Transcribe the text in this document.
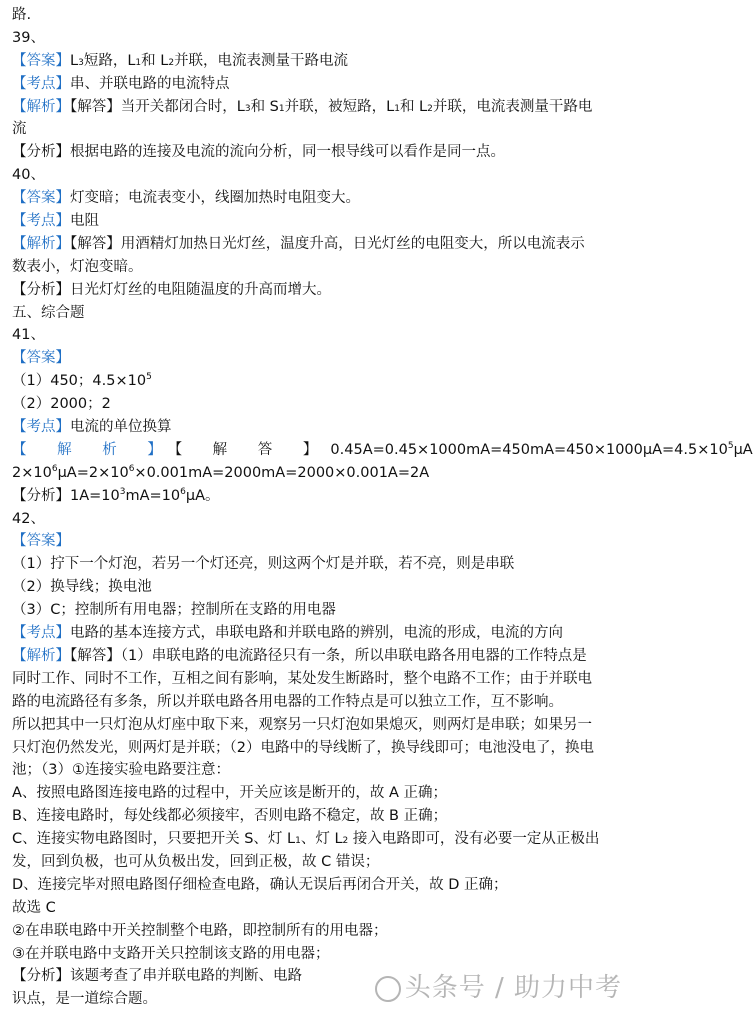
路.
39、
【答案】$L_3$短路，$L_1$和 $L_2$并联，电流表测量干路电流
【考点】串、并联电路的电流特点
【解析】【解答】当开关都闭合时，$L_3$和 $S_1$并联，被短路，$L_1$和 $L_2$并联，电流表测量干路电
流
【分析】根据电路的连接及电流的流向分析，同一根导线可以看作是同一点。
40、
【答案】灯变暗；电流表变小，线圈加热时电阻变大。
【考点】电阻
【解析】【解答】用酒精灯加热日光灯丝，温度升高，日光灯丝的电阻变大，所以电流表示
数表小，灯泡变暗。
【分析】日光灯灯丝的电阻随温度的升高而增大。
五、综合题
41、
【答案】
（1）450；$4.5\times 10^5$
（2）2000；2
【考点】电流的单位换算
【 解 析 】【 解 答 】$0.45A=0.45\times 1000mA=450mA=450\times 1000\mu A=4.5\times 10^5\mu A$
$2\times 10^6\mu A=2\times 10^6\times 0.001mA=2000mA=2000\times 0.001A=2A$
【分析】$1A=10^3mA=10^6\mu A$。
42、
【答案】
（1）拧下一个灯泡，若另一个灯还亮，则这两个灯是并联，若不亮，则是串联
（2）换导线；换电池
（3）C；控制所有用电器；控制所在支路的用电器
【考点】电路的基本连接方式，串联电路和并联电路的辨别，电流的形成，电流的方向
【解析】【解答】（1）串联电路的电流路径只有一条，所以串联电路各用电器的工作特点是
同时工作、同时不工作，互相之间有影响，某处发生断路时，整个电路不工作；由于并联电
路的电流路径有多条，所以并联电路各用电器的工作特点是可以独立工作，互不影响。
所以把其中一只灯泡从灯座中取下来，观察另一只灯泡如果熄灭，则两灯是串联；如果另一
只灯泡仍然发光，则两灯是并联；（2）电路中的导线断了，换导线即可；电池没电了，换电
池；（3）①连接实验电路要注意：
A、按照电路图连接电路的过程中，开关应该是断开的，故 A 正确；
B、连接电路时，每处线都必须接牢，否则电路不稳定，故 B 正确；
C、连接实物电路图时，只要把开关 S、灯 $L_1$、灯 $L_2$ 接入电路即可，没有必要一定从正极出
发，回到负极，也可从负极出发，回到正极，故 C 错误；
D、连接完毕对照电路图仔细检查电路，确认无误后再闭合开关，故 D 正确；
故选 C
②在串联电路中开关控制整个电路，即控制所有的用电器；
③在并联电路中支路开关只控制该支路的用电器；
【分析】该题考查了串并联电路的判断、电路
识点，是一道综合题。	头条号 / 助力中考
